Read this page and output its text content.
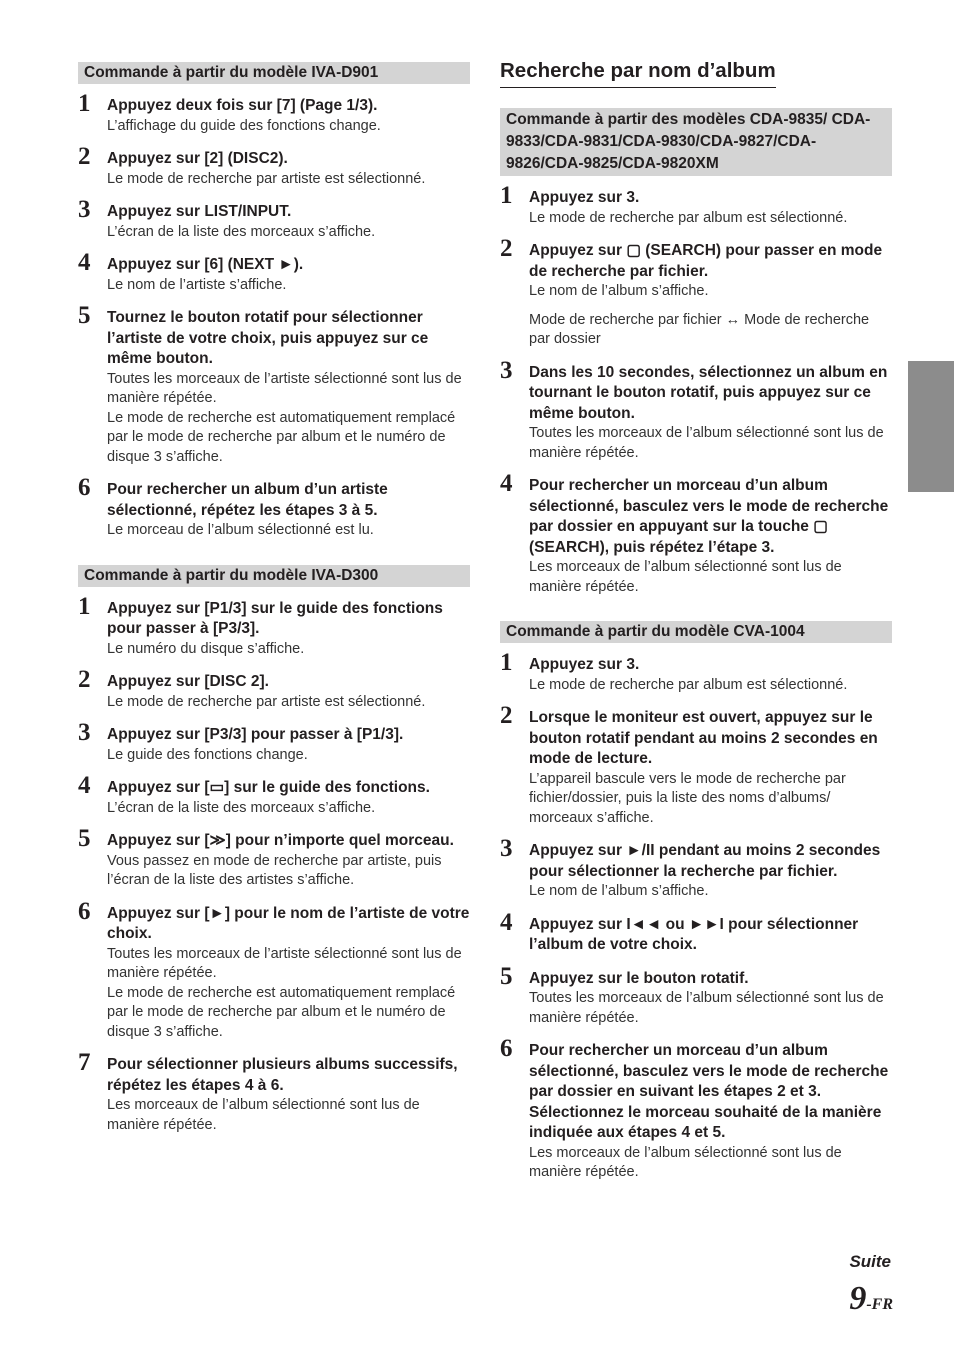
Commande à partir du modèle IVA-D901
1 Appuyez deux fois sur [7] (Page 1/3).
L’affichage du guide des fonctions change.
2 Appuyez sur [2] (DISC2).
Le mode de recherche par artiste est sélectionné.
3 Appuyez sur LIST/INPUT.
L’écran de la liste des morceaux s’affiche.
4 Appuyez sur [6] (NEXT ►).
Le nom de l’artiste s’affiche.
5 Tournez le bouton rotatif pour sélectionner l’artiste de votre choix, puis appuyez sur ce même bouton.
Toutes les morceaux de l’artiste sélectionné sont lus de manière répétée.
Le mode de recherche est automatiquement remplacé par le mode de recherche par album et le numéro de disque 3 s’affiche.
6 Pour rechercher un album d’un artiste sélectionné, répétez les étapes 3 à 5.
Le morceau de l’album sélectionné est lu.
Commande à partir du modèle IVA-D300
1 Appuyez sur [P1/3] sur le guide des fonctions pour passer à [P3/3].
Le numéro du disque s’affiche.
2 Appuyez sur [DISC 2].
Le mode de recherche par artiste est sélectionné.
3 Appuyez sur [P3/3] pour passer à [P1/3].
Le guide des fonctions change.
4 Appuyez sur [▭] sur le guide des fonctions.
L’écran de la liste des morceaux s’affiche.
5 Appuyez sur [≫] pour n’importe quel morceau.
Vous passez en mode de recherche par artiste, puis l’écran de la liste des artistes s’affiche.
6 Appuyez sur [►] pour le nom de l’artiste de votre choix.
Toutes les morceaux de l’artiste sélectionné sont lus de manière répétée.
Le mode de recherche est automatiquement remplacé par le mode de recherche par album et le numéro de disque 3 s’affiche.
7 Pour sélectionner plusieurs albums successifs, répétez les étapes 4 à 6.
Les morceaux de l’album sélectionné sont lus de manière répétée.
Recherche par nom d’album
Commande à partir des modèles CDA-9835/ CDA-9833/CDA-9831/CDA-9830/CDA-9827/CDA-9826/CDA-9825/CDA-9820XM
1 Appuyez sur 3.
Le mode de recherche par album est sélectionné.
2 Appuyez sur ▢ (SEARCH) pour passer en mode de recherche par fichier.
Le nom de l’album s’affiche.
Mode de recherche par fichier ↔ Mode de recherche par dossier
3 Dans les 10 secondes, sélectionnez un album en tournant le bouton rotatif, puis appuyez sur ce même bouton.
Toutes les morceaux de l’album sélectionné sont lus de manière répétée.
4 Pour rechercher un morceau d’un album sélectionné, basculez vers le mode de recherche par dossier en appuyant sur la touche ▢ (SEARCH), puis répétez l’étape 3.
Les morceaux de l’album sélectionné sont lus de manière répétée.
Commande à partir du modèle CVA-1004
1 Appuyez sur 3.
Le mode de recherche par album est sélectionné.
2 Lorsque le moniteur est ouvert, appuyez sur le bouton rotatif pendant au moins 2 secondes en mode de lecture.
L’appareil bascule vers le mode de recherche par fichier/dossier, puis la liste des noms d’albums/ morceaux s’affiche.
3 Appuyez sur ►/II pendant au moins 2 secondes pour sélectionner la recherche par fichier.
Le nom de l’album s’affiche.
4 Appuyez sur I◄◄ ou ►►I pour sélectionner l’album de votre choix.
5 Appuyez sur le bouton rotatif.
Toutes les morceaux de l’album sélectionné sont lus de manière répétée.
6 Pour rechercher un morceau d’un album sélectionné, basculez vers le mode de recherche par dossier en suivant les étapes 2 et 3. Sélectionnez le morceau souhaité de la manière indiquée aux étapes 4 et 5.
Les morceaux de l’album sélectionné sont lus de manière répétée.
Suite
9-FR
